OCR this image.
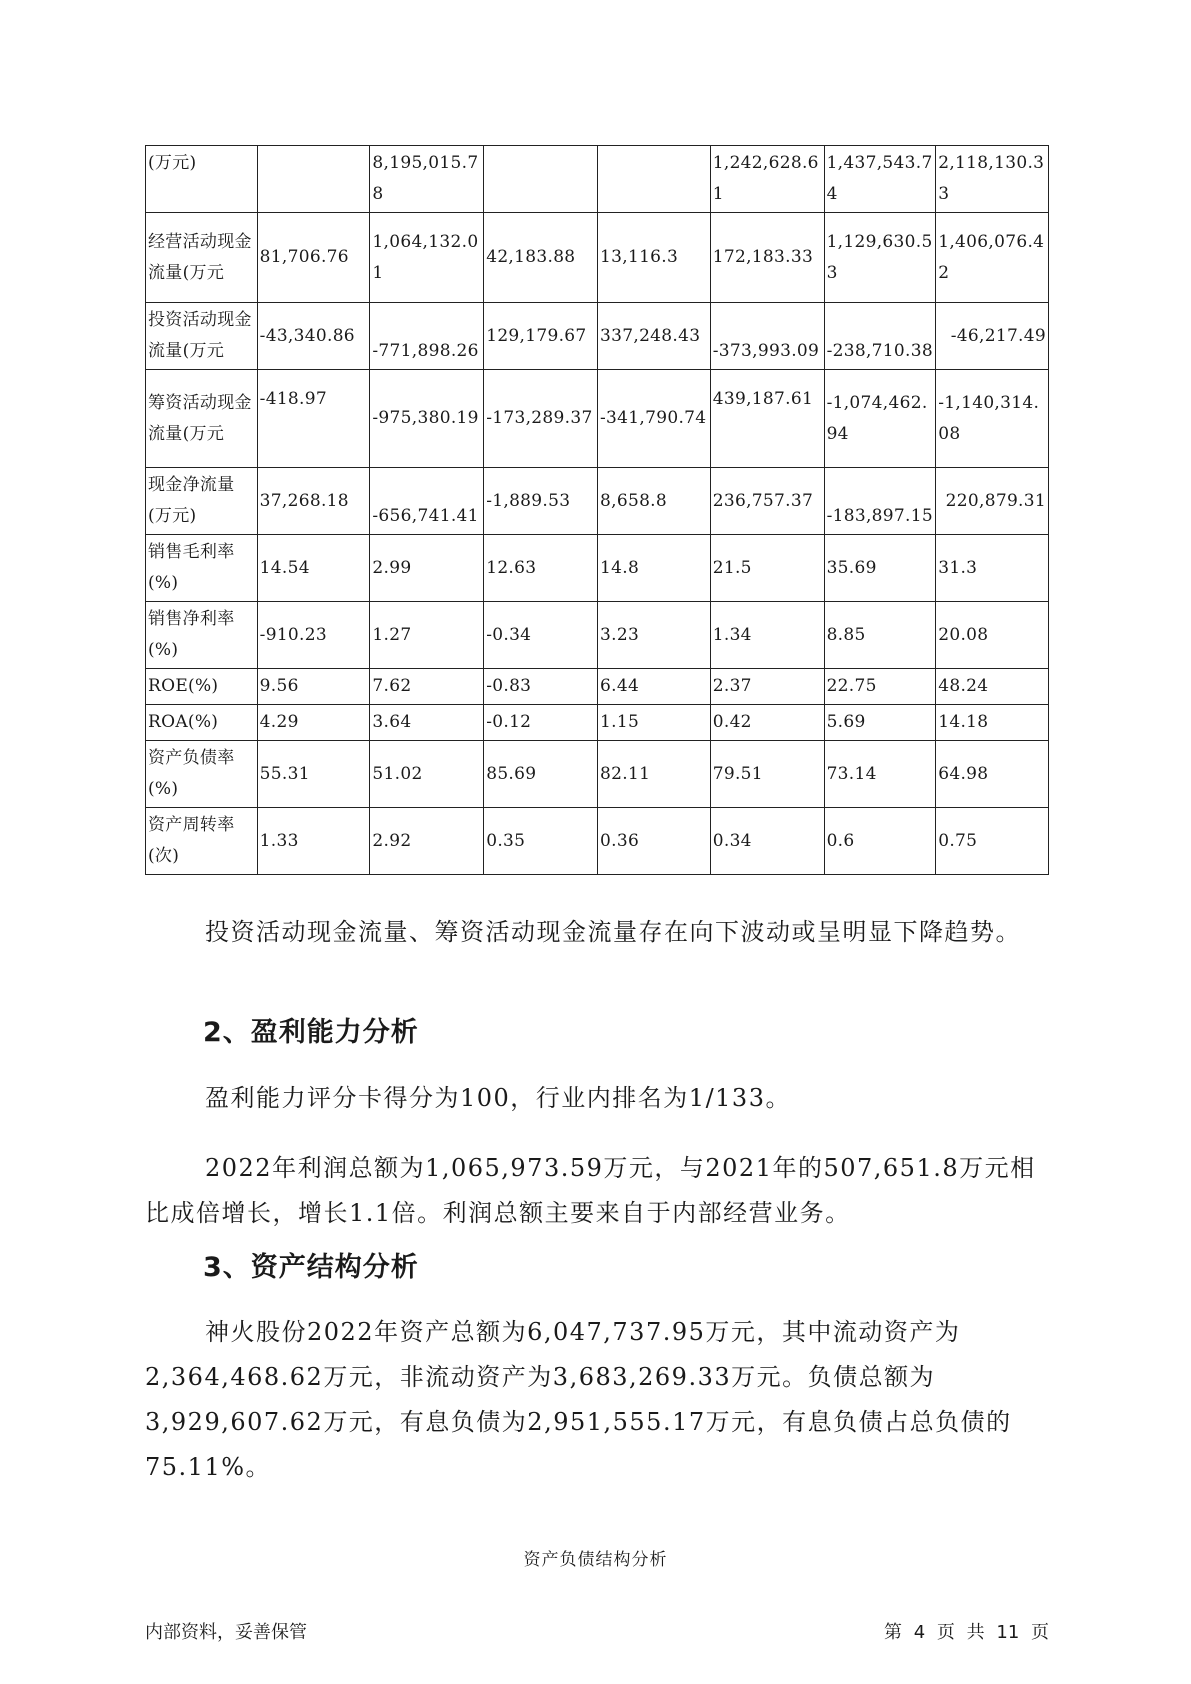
(万元)		8,195,015.78			1,242,628.61	1,437,543.74	2,118,130.33
经营活动现金流量(万元	81,706.76	1,064,132.01	42,183.88	13,116.3	172,183.33	1,129,630.53	1,406,076.42
投资活动现金流量(万元	-43,340.86	-771,898.26	129,179.67	337,248.43	-373,993.09	-238,710.38	-46,217.49
筹资活动现金流量(万元	-418.97	-975,380.19	-173,289.37	-341,790.74	439,187.61	-1,074,462.94	-1,140,314.08
现金净流量(万元)	37,268.18	-656,741.41	-1,889.53	8,658.8	236,757.37	-183,897.15	220,879.31
销售毛利率(%)	14.54	2.99	12.63	14.8	21.5	35.69	31.3
销售净利率(%)	-910.23	1.27	-0.34	3.23	1.34	8.85	20.08
ROE(%)	9.56	7.62	-0.83	6.44	2.37	22.75	48.24
ROA(%)	4.29	3.64	-0.12	1.15	0.42	5.69	14.18
资产负债率(%)	55.31	51.02	85.69	82.11	79.51	73.14	64.98
资产周转率(次)	1.33	2.92	0.35	0.36	0.34	0.6	0.75

投资活动现金流量、筹资活动现金流量存在向下波动或呈明显下降趋势。

2、盈利能力分析

盈利能力评分卡得分为100，行业内排名为1/133。

2022年利润总额为1,065,973.59万元，与2021年的507,651.8万元相比成倍增长，增长1.1倍。利润总额主要来自于内部经营业务。

3、资产结构分析

神火股份2022年资产总额为6,047,737.95万元，其中流动资产为2,364,468.62万元，非流动资产为3,683,269.33万元。负债总额为3,929,607.62万元，有息负债为2,951,555.17万元，有息负债占总负债的75.11%。

资产负债结构分析
内部资料，妥善保管	第 4 页 共 11 页
